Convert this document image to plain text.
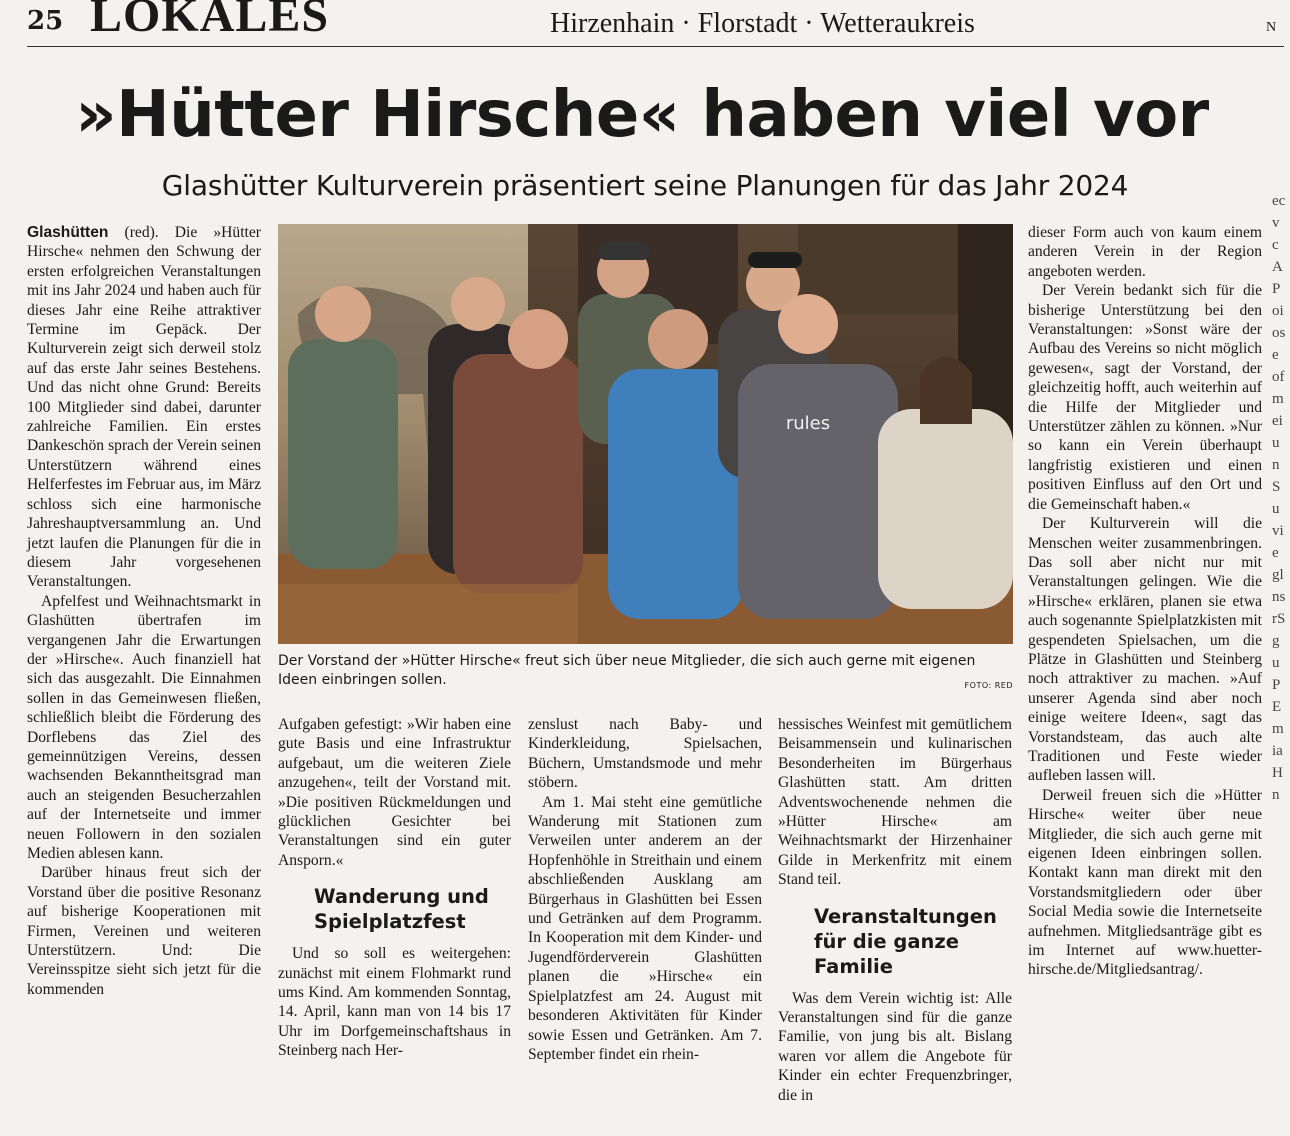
25 LOKALES	Hirzenhain · Florstadt · Wetteraukreis	N
»Hütter Hirsche« haben viel vor
Glashütter Kulturverein präsentiert seine Planungen für das Jahr 2024

Glashütten (red). Die »Hütter Hirsche« nehmen den Schwung der ersten erfolgreichen Veranstaltungen mit ins Jahr 2024 und haben auch für dieses Jahr eine Reihe attraktiver Termine im Gepäck. Der Kulturverein zeigt sich derweil stolz auf das erste Jahr seines Bestehens. Und das nicht ohne Grund: Bereits 100 Mitglieder sind dabei, darunter zahlreiche Familien. Ein erstes Dankeschön sprach der Verein seinen Unterstützern während eines Helferfestes im Februar aus, im März schloss sich eine harmonische Jahreshauptversammlung an. Und jetzt laufen die Planungen für die in diesem Jahr vorgesehenen Veranstaltungen.

Apfelfest und Weihnachtsmarkt in Glashütten übertrafen im vergangenen Jahr die Erwartungen der »Hirsche«. Auch finanziell hat sich das ausgezahlt. Die Einnahmen sollen in das Gemeinwesen fließen, schließlich bleibt die Förderung des Dorflebens das Ziel des gemeinnützigen Vereins, dessen wachsenden Bekanntheitsgrad man auch an steigenden Besucherzahlen auf der Internetseite und immer neuen Followern in den sozialen Medien ablesen kann.

Darüber hinaus freut sich der Vorstand über die positive Resonanz auf bisherige Kooperationen mit Firmen, Vereinen und weiteren Unterstützern. Und: Die Vereinsspitze sieht sich jetzt für die kommenden

rules
Der Vorstand der »Hütter Hirsche« freut sich über neue Mitglieder, die sich auch gerne mit eigenen Ideen einbringen sollen.	FOTO: RED

Aufgaben gefestigt: »Wir haben eine gute Basis und eine Infrastruktur aufgebaut, um die weiteren Ziele anzugehen«, teilt der Vorstand mit. »Die positiven Rückmeldungen und glücklichen Gesichter bei Veranstaltungen sind ein guter Ansporn.«

Wanderung und Spielplatzfest

Und so soll es weitergehen: zunächst mit einem Flohmarkt rund ums Kind. Am kommenden Sonntag, 14. April, kann man von 14 bis 17 Uhr im Dorfgemeinschaftshaus in Steinberg nach Her-

zenslust nach Baby- und Kinderkleidung, Spielsachen, Büchern, Umstandsmode und mehr stöbern.

Am 1. Mai steht eine gemütliche Wanderung mit Stationen zum Verweilen unter anderem an der Hopfenhöhle in Streithain und einem abschließenden Ausklang am Bürgerhaus in Glashütten bei Essen und Getränken auf dem Programm. In Kooperation mit dem Kinder- und Jugendförderverein Glashütten planen die »Hirsche« ein Spielplatzfest am 24. August mit besonderen Aktivitäten für Kinder sowie Essen und Getränken. Am 7. September findet ein rhein-

hessisches Weinfest mit gemütlichem Beisammensein und kulinarischen Besonderheiten im Bürgerhaus Glashütten statt. Am dritten Adventswochenende nehmen die »Hütter Hirsche« am Weihnachtsmarkt der Hirzenhainer Gilde in Merkenfritz mit einem Stand teil.

Veranstaltungen für die ganze Familie

Was dem Verein wichtig ist: Alle Veranstaltungen sind für die ganze Familie, von jung bis alt. Bislang waren vor allem die Angebote für Kinder ein echter Frequenzbringer, die in

dieser Form auch von kaum einem anderen Verein in der Region angeboten werden.

Der Verein bedankt sich für die bisherige Unterstützung bei den Veranstaltungen: »Sonst wäre der Aufbau des Vereins so nicht möglich gewesen«, sagt der Vorstand, der gleichzeitig hofft, auch weiterhin auf die Hilfe der Mitglieder und Unterstützer zählen zu können. »Nur so kann ein Verein überhaupt langfristig existieren und einen positiven Einfluss auf den Ort und die Gemeinschaft haben.«

Der Kulturverein will die Menschen weiter zusammenbringen. Das soll aber nicht nur mit Veranstaltungen gelingen. Wie die »Hirsche« erklären, planen sie etwa auch sogenannte Spielplatzkisten mit gespendeten Spielsachen, um die Plätze in Glashütten und Steinberg noch attraktiver zu machen. »Auf unserer Agenda sind aber noch einige weitere Ideen«, sagt das Vorstandsteam, das auch alte Traditionen und Feste wieder aufleben lassen will.

Derweil freuen sich die »Hütter Hirsche« weiter über neue Mitglieder, die sich auch gerne mit eigenen Ideen einbringen sollen. Kontakt kann man direkt mit den Vorstandsmitgliedern oder über Social Media sowie die Internetseite aufnehmen. Mitgliedsanträge gibt es im Internet auf www.huetter-hirsche.de/Mitgliedsantrag/.

ecvcAPoioseofmeiunSuvieglnsrSguPEmiaHn
